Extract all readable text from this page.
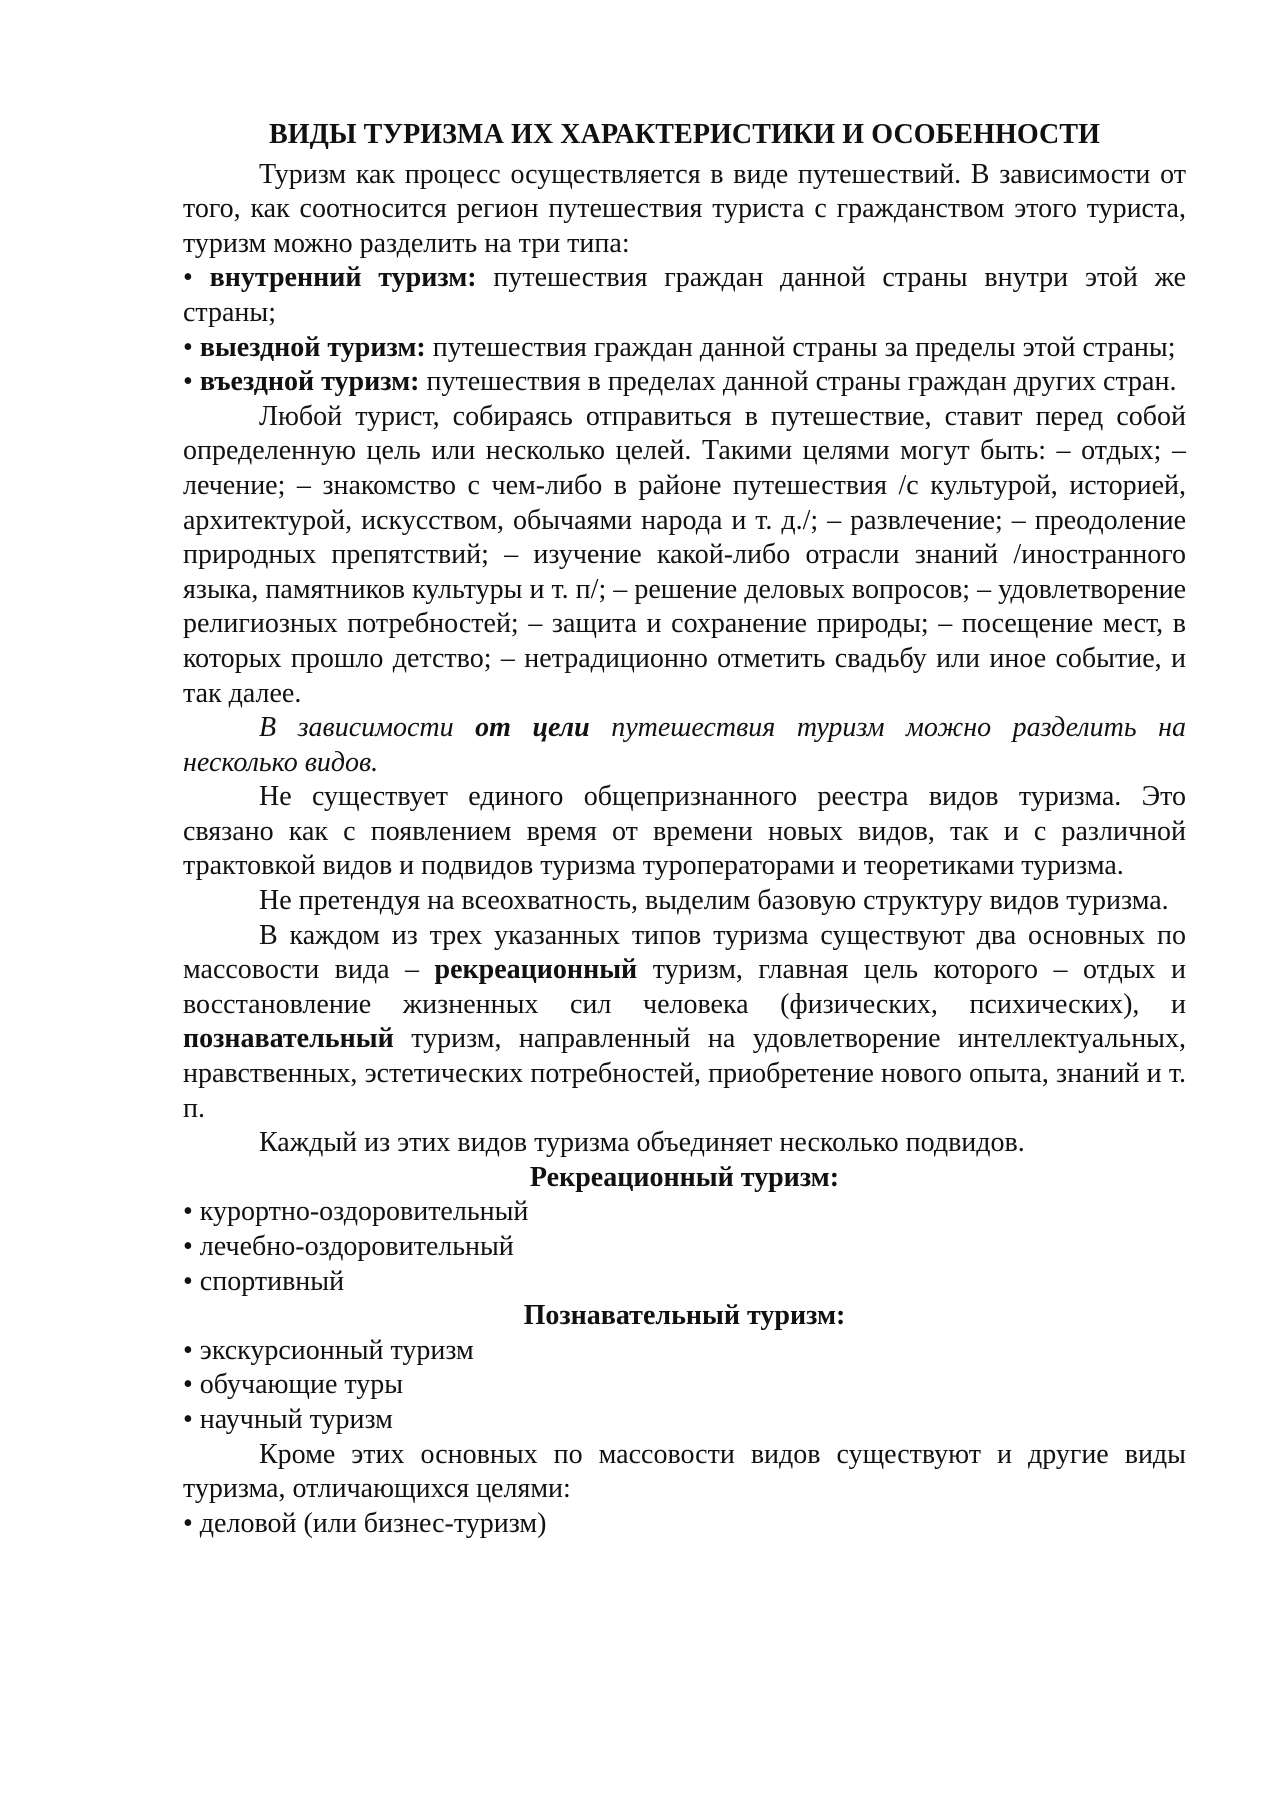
ВИДЫ ТУРИЗМА ИХ ХАРАКТЕРИСТИКИ И ОСОБЕННОСТИ

Туризм как процесс осуществляется в виде путешествий. В зависимости от того, как соотносится регион путешествия туриста с гражданством этого туриста, туризм можно разделить на три типа:

• внутренний туризм: путешествия граждан данной страны внутри этой же страны;

• выездной туризм: путешествия граждан данной страны за пределы этой страны;

• въездной туризм: путешествия в пределах данной страны граждан других стран.

Любой турист, собираясь отправиться в путешествие, ставит перед собой определенную цель или несколько целей. Такими целями могут быть: – отдых; – лечение; – знакомство с чем-либо в районе путешествия /с культурой, историей, архитектурой, искусством, обычаями народа и т. д./; – развлечение; – преодоление природных препятствий; – изучение какой-либо отрасли знаний /иностранного языка, памятников культуры и т. п/; – решение деловых вопросов; – удовлетворение религиозных потребностей; – защита и сохранение природы; – посещение мест, в которых прошло детство; – нетрадиционно отметить свадьбу или иное событие, и так далее.

В зависимости от цели путешествия туризм можно разделить на несколько видов.

Не существует единого общепризнанного реестра видов туризма. Это связано как с появлением время от времени новых видов, так и с различной трактовкой видов и подвидов туризма туроператорами и теоретиками туризма.

Не претендуя на всеохватность, выделим базовую структуру видов туризма.

В каждом из трех указанных типов туризма существуют два основных по массовости вида – рекреационный туризм, главная цель которого – отдых и восстановление жизненных сил человека (физических, психических), и познавательный туризм, направленный на удовлетворение интеллектуальных, нравственных, эстетических потребностей, приобретение нового опыта, знаний и т. п.

Каждый из этих видов туризма объединяет несколько подвидов.

Рекреационный туризм:
• курортно-оздоровительный
• лечебно-оздоровительный
• спортивный
Познавательный туризм:
• экскурсионный туризм
• обучающие туры
• научный туризм

Кроме этих основных по массовости видов существуют и другие виды туризма, отличающихся целями:

• деловой (или бизнес-туризм)
